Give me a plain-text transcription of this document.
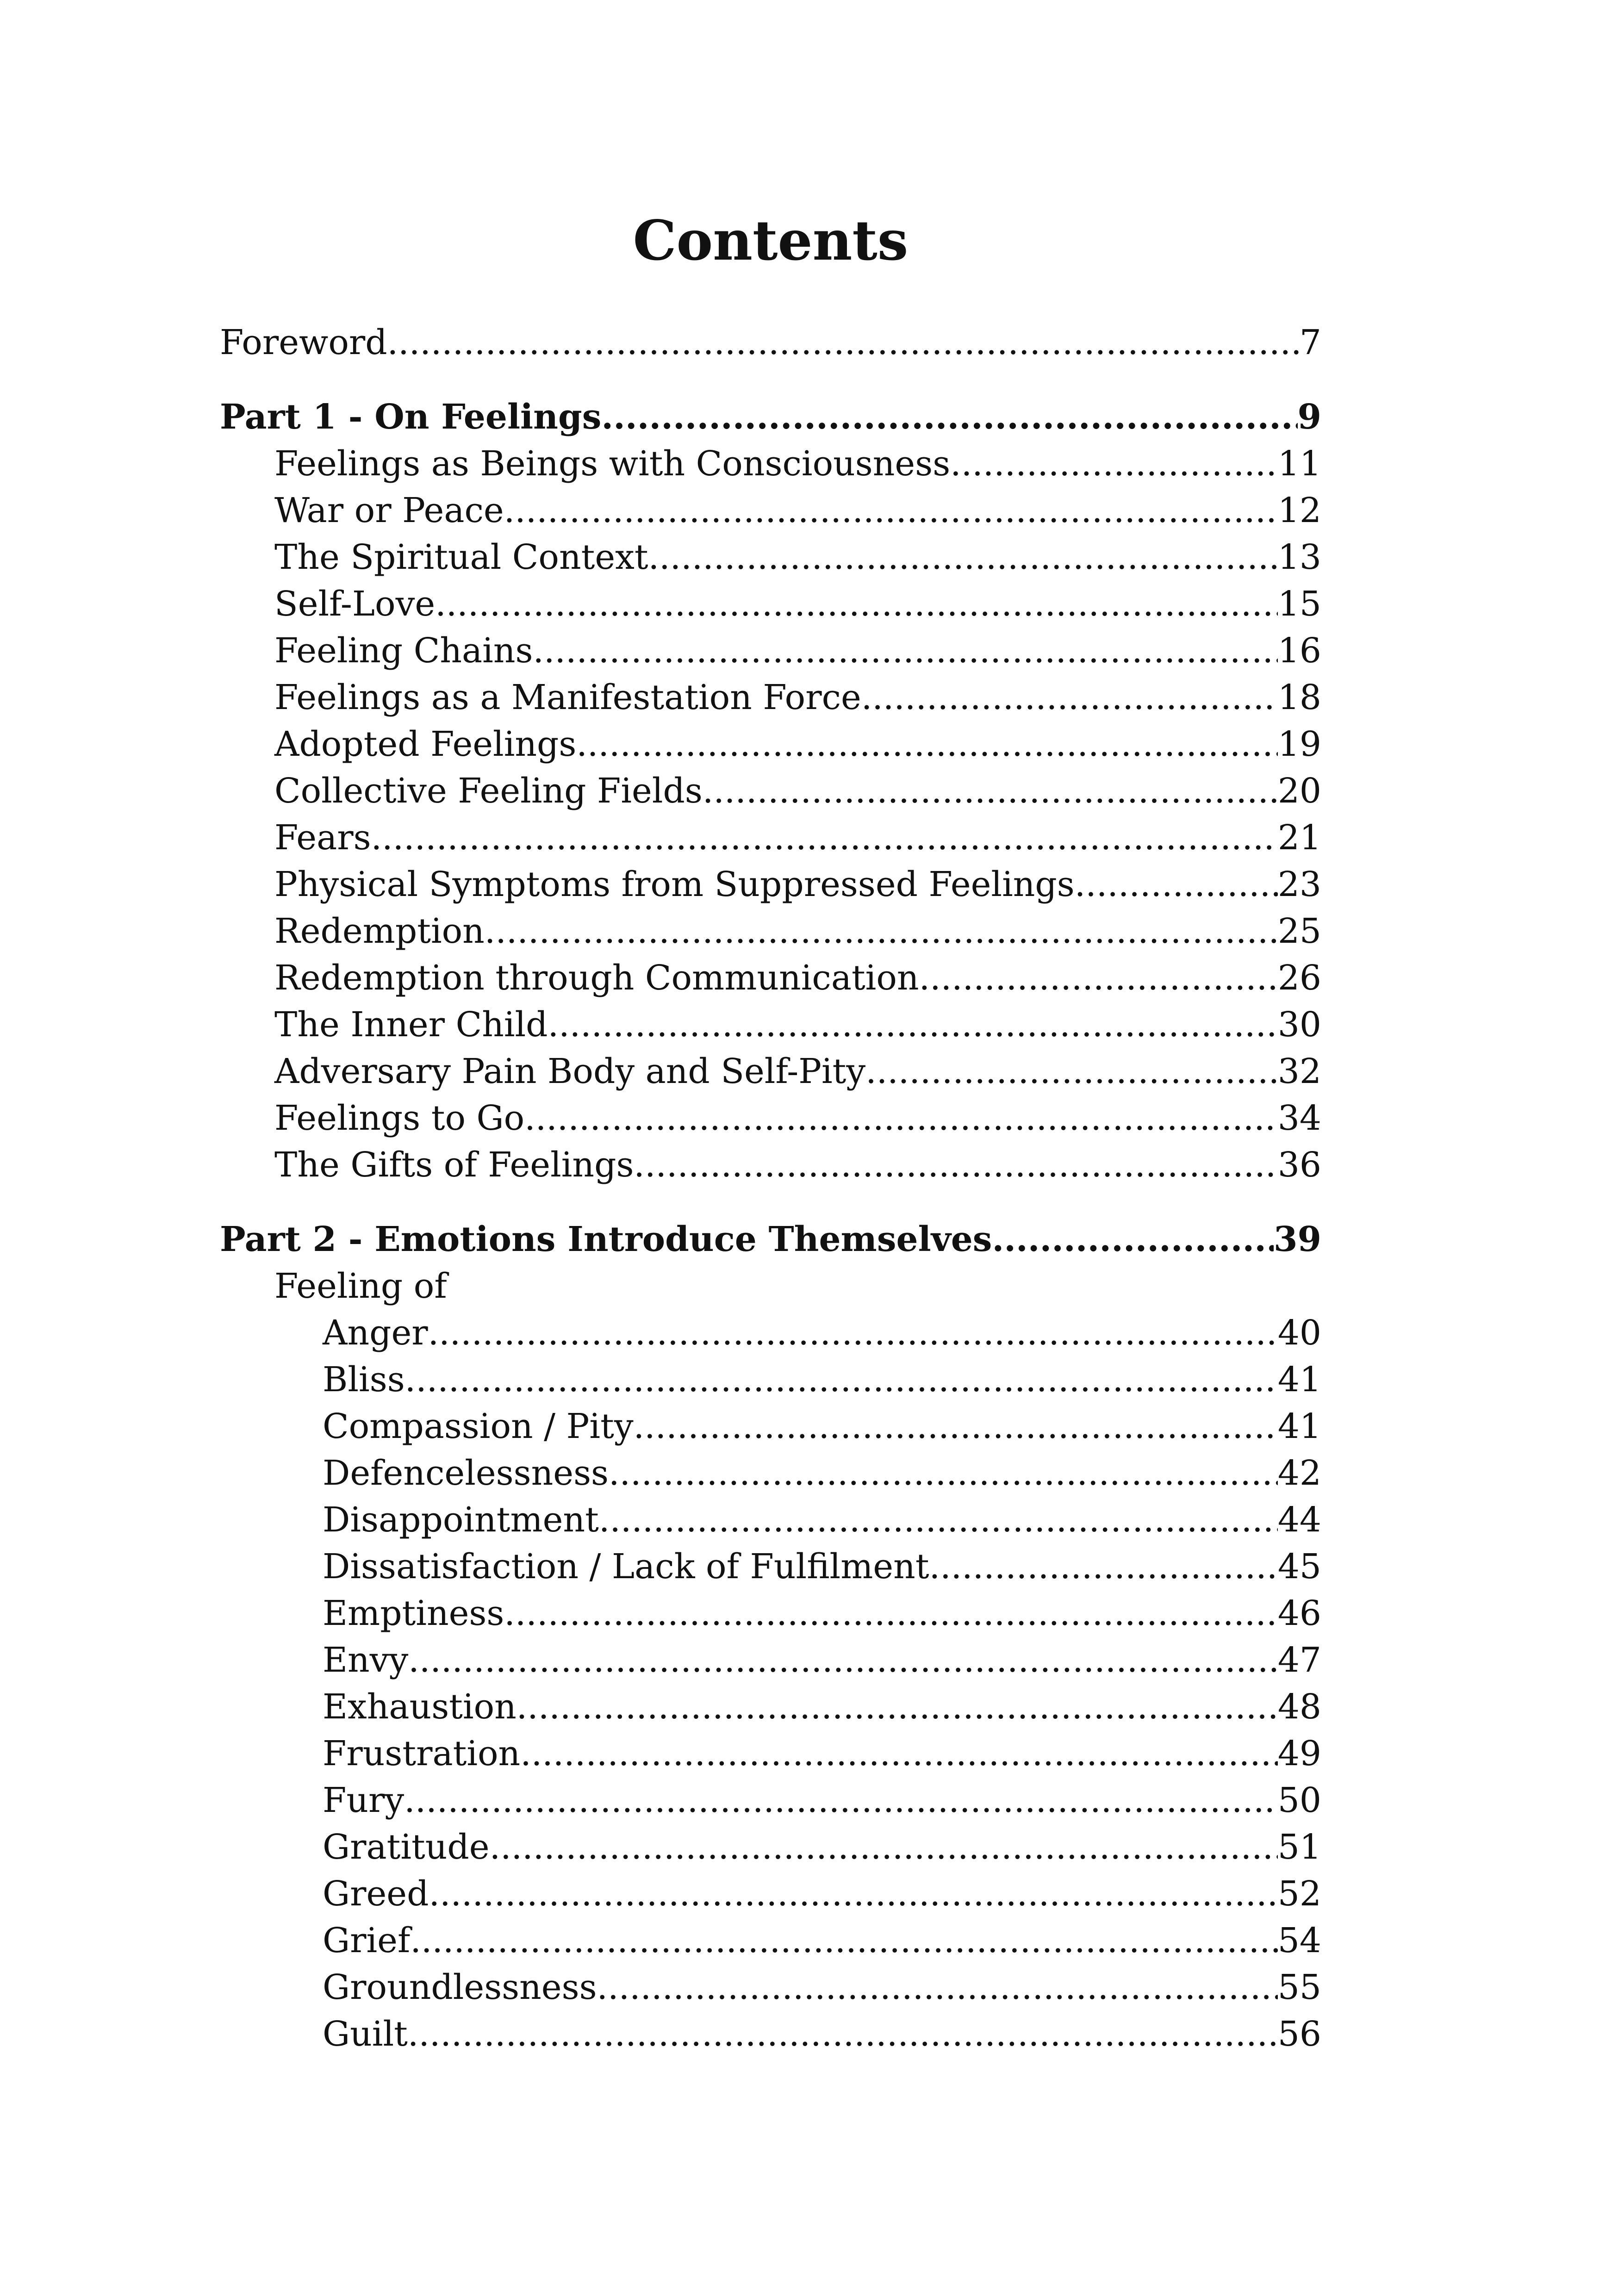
Contents
Foreword .....	7
Part 1 - On Feelings .....	9
Feelings as Beings with Consciousness .....	11
War or Peace .....	12
The Spiritual Context .....	13
Self-Love .....	15
Feeling Chains .....	16
Feelings as a Manifestation Force .....	18
Adopted Feelings .....	19
Collective Feeling Fields .....	20
Fears .....	21
Physical Symptoms from Suppressed Feelings .....	23
Redemption .....	25
Redemption through Communication .....	26
The Inner Child .....	30
Adversary Pain Body and Self-Pity .....	32
Feelings to Go .....	34
The Gifts of Feelings .....	36
Part 2 - Emotions Introduce Themselves .....	39
Feeling of
Anger .....	40
Bliss .....	41
Compassion / Pity .....	41
Defencelessness .....	42
Disappointment .....	44
Dissatisfaction / Lack of Fulfilment .....	45
Emptiness .....	46
Envy .....	47
Exhaustion .....	48
Frustration .....	49
Fury .....	50
Gratitude .....	51
Greed .....	52
Grief .....	54
Groundlessness .....	55
Guilt .....	56
